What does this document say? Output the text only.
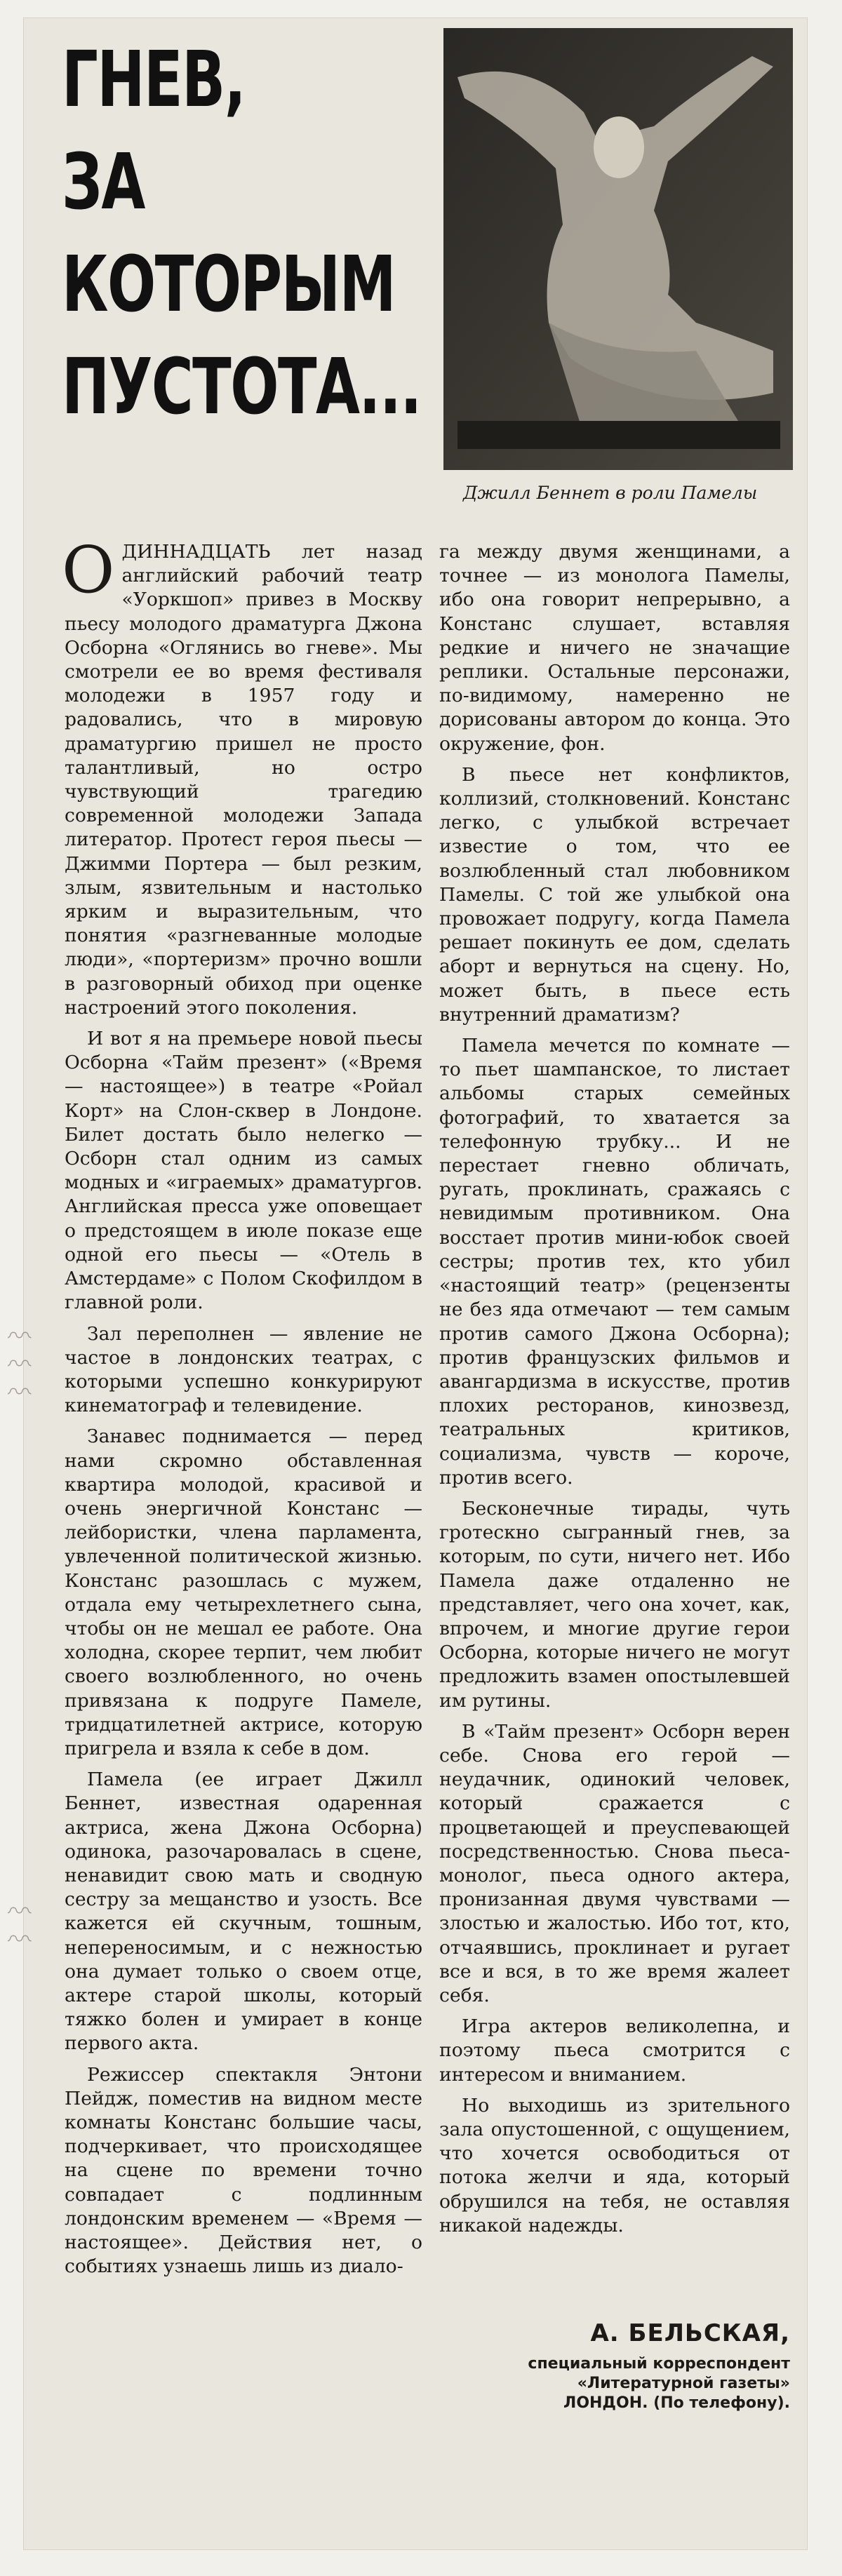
〰〰〰
〰〰
ГНЕВ,
ЗА
КОТОРЫМ
ПУСТОТА...
Джилл Беннет в роли Памелы

ОДИННАДЦАТЬ лет назад английский рабочий театр «Уоркшоп» привез в Москву пьесу молодого драматурга Джона Осборна «Оглянись во гневе». Мы смотрели ее во время фестиваля молодежи в 1957 году и радовались, что в мировую драматургию пришел не просто талантливый, но остро чувствующий трагедию современной молодежи Запада литератор. Протест героя пьесы — Джимми Портера — был резким, злым, язвительным и настолько ярким и выразительным, что понятия «разгневанные молодые люди», «портеризм» прочно вошли в разговорный обиход при оценке настроений этого поколения.

И вот я на премьере новой пьесы Осборна «Тайм презент» («Время — настоящее») в театре «Ройал Корт» на Слон-сквер в Лондоне. Билет достать было нелегко — Осборн стал одним из самых модных и «играемых» драматургов. Английская пресса уже оповещает о предстоящем в июле показе еще одной его пьесы — «Отель в Амстердаме» с Полом Скофилдом в главной роли.

Зал переполнен — явление не частое в лондонских театрах, с которыми успешно конкурируют кинематограф и телевидение.

Занавес поднимается — перед нами скромно обставленная квартира молодой, красивой и очень энергичной Констанс — лейбористки, члена парламента, увлеченной политической жизнью. Констанс разошлась с мужем, отдала ему четырехлетнего сына, чтобы он не мешал ее работе. Она холодна, скорее терпит, чем любит своего возлюбленного, но очень привязана к подруге Памеле, тридцатилетней актрисе, которую пригрела и взяла к себе в дом.

Памела (ее играет Джилл Беннет, известная одаренная актриса, жена Джона Осборна) одинока, разочаровалась в сцене, ненавидит свою мать и сводную сестру за мещанство и узость. Все кажется ей скучным, тошным, непереносимым, и с нежностью она думает только о своем отце, актере старой школы, который тяжко болен и умирает в конце первого акта.

Режиссер спектакля Энтони Пейдж, поместив на видном месте комнаты Констанс большие часы, подчеркивает, что происходящее на сцене по времени точно совпадает с подлинным лондонским временем — «Время — настоящее». Действия нет, о событиях узнаешь лишь из диало-

га между двумя женщинами, а точнее — из монолога Памелы, ибо она говорит непрерывно, а Констанс слушает, вставляя редкие и ничего не значащие реплики. Остальные персонажи, по-видимому, намеренно не дорисованы автором до конца. Это окружение, фон.

В пьесе нет конфликтов, коллизий, столкновений. Констанс легко, с улыбкой встречает известие о том, что ее возлюбленный стал любовником Памелы. С той же улыбкой она провожает подругу, когда Памела решает покинуть ее дом, сделать аборт и вернуться на сцену. Но, может быть, в пьесе есть внутренний драматизм?

Памела мечется по комнате — то пьет шампанское, то листает альбомы старых семейных фотографий, то хватается за телефонную трубку... И не перестает гневно обличать, ругать, проклинать, сражаясь с невидимым противником. Она восстает против мини-юбок своей сестры; против тех, кто убил «настоящий театр» (рецензенты не без яда отмечают — тем самым против самого Джона Осборна); против французских фильмов и авангардизма в искусстве, против плохих ресторанов, кинозвезд, театральных критиков, социализма, чувств — короче, против всего.

Бесконечные тирады, чуть гротескно сыгранный гнев, за которым, по сути, ничего нет. Ибо Памела даже отдаленно не представляет, чего она хочет, как, впрочем, и многие другие герои Осборна, которые ничего не могут предложить взамен опостылевшей им рутины.

В «Тайм презент» Осборн верен себе. Снова его герой — неудачник, одинокий человек, который сражается с процветающей и преуспевающей посредственностью. Снова пьеса-монолог, пьеса одного актера, пронизанная двумя чувствами — злостью и жалостью. Ибо тот, кто, отчаявшись, проклинает и ругает все и вся, в то же время жалеет себя.

Игра актеров великолепна, и поэтому пьеса смотрится с интересом и вниманием.

Но выходишь из зрительного зала опустошенной, с ощущением, что хочется освободиться от потока желчи и яда, который обрушился на тебя, не оставляя никакой надежды.

А. БЕЛЬСКАЯ,
специальный корреспондент «Литературной газеты»
ЛОНДОН. (По телефону).
